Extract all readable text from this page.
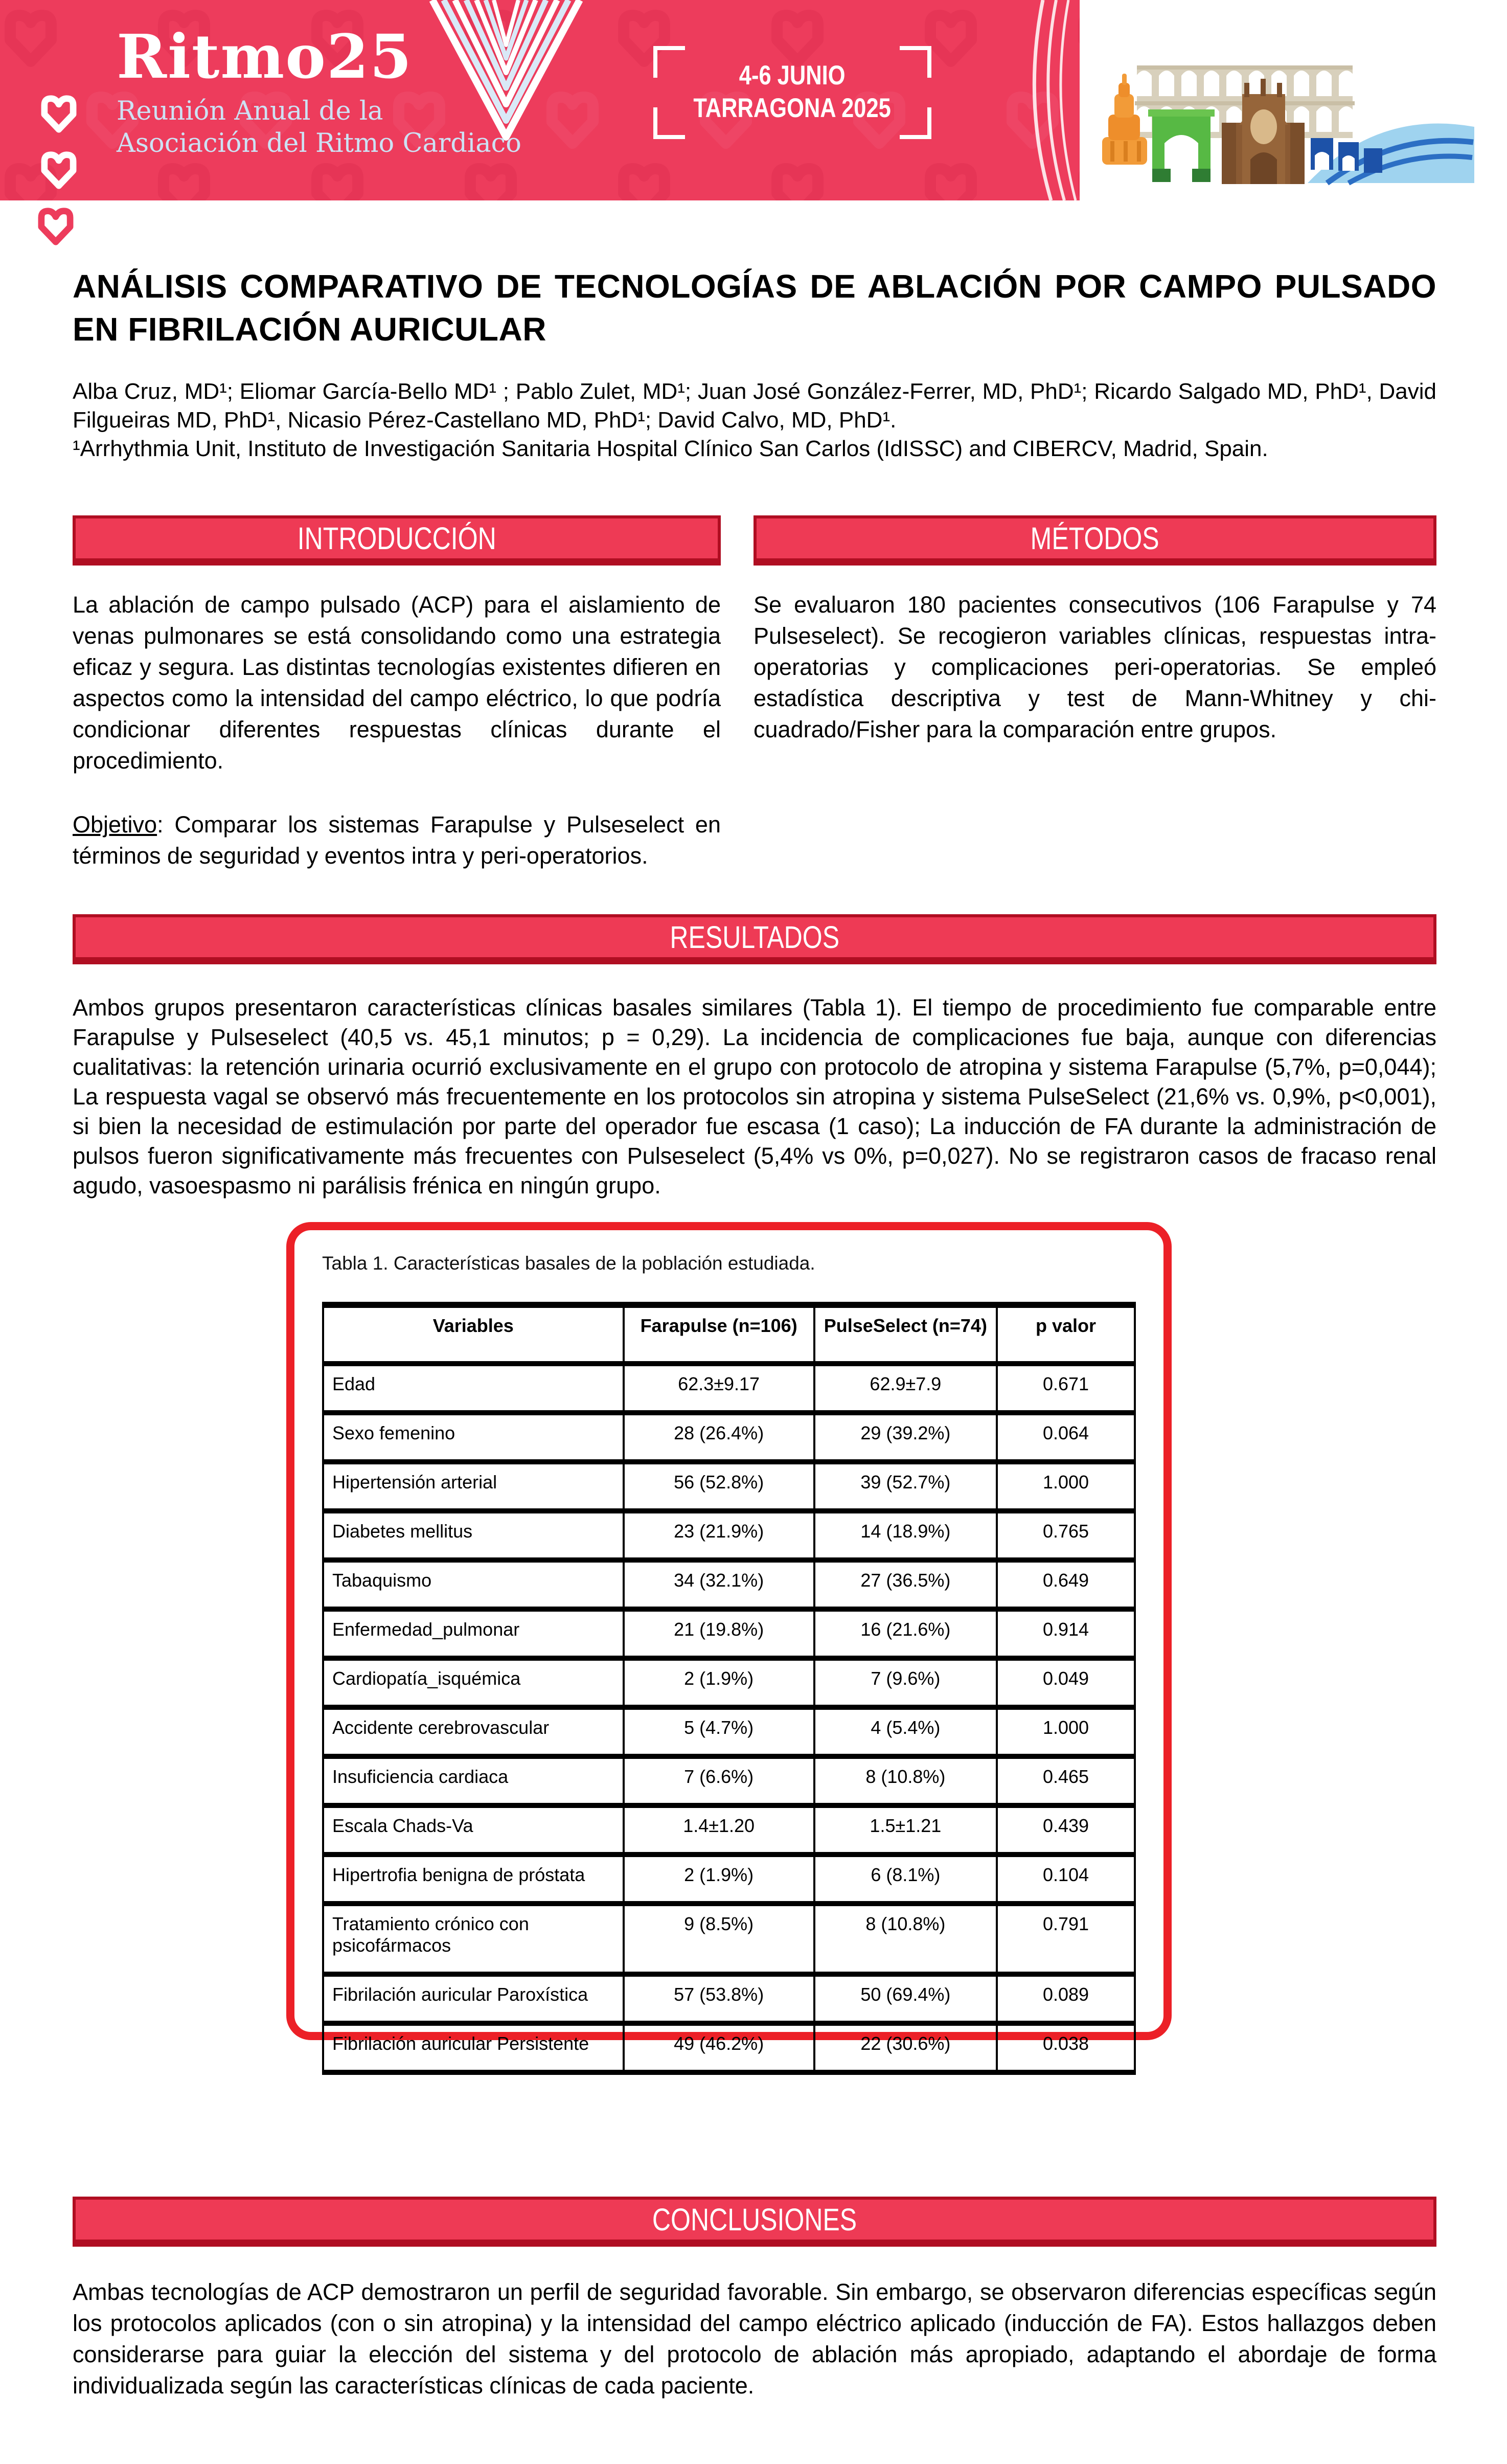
Ritmo25
Reunión Anual de la
Asociación del Ritmo Cardiaco
4-6 JUNIO
TARRAGONA 2025
ANÁLISIS COMPARATIVO DE TECNOLOGÍAS DE ABLACIÓN POR CAMPO PULSADO EN FIBRILACIÓN AURICULAR

Alba Cruz, MD¹; Eliomar García-Bello MD¹ ; Pablo Zulet, MD¹; Juan José González-Ferrer, MD, PhD¹; Ricardo Salgado MD, PhD¹, David Filgueiras MD, PhD¹, Nicasio Pérez-Castellano MD, PhD¹; David Calvo, MD, PhD¹.

¹Arrhythmia Unit, Instituto de Investigación Sanitaria Hospital Clínico San Carlos (IdISSC) and CIBERCV, Madrid, Spain.

INTRODUCCIÓN

La ablación de campo pulsado (ACP) para el aislamiento de venas pulmonares se está consolidando como una estrategia eficaz y segura. Las distintas tecnologías existentes difieren en aspectos como la intensidad del campo eléctrico, lo que podría condicionar diferentes respuestas clínicas durante el procedimiento.

Objetivo: Comparar los sistemas Farapulse y Pulseselect en términos de seguridad y eventos intra y peri-operatorios.

MÉTODOS

Se evaluaron 180 pacientes consecutivos (106 Farapulse y 74 Pulseselect). Se recogieron variables clínicas, respuestas intra-operatorias y complicaciones peri-operatorias. Se empleó estadística descriptiva y test de Mann-Whitney y chi-cuadrado/Fisher para la comparación entre grupos.

RESULTADOS
Ambos grupos presentaron características clínicas basales similares (Tabla 1). El tiempo de procedimiento fue comparable entre Farapulse y Pulseselect (40,5 vs. 45,1 minutos; p = 0,29). La incidencia de complicaciones fue baja, aunque con diferencias cualitativas: la retención urinaria ocurrió exclusivamente en el grupo con protocolo de atropina y sistema Farapulse (5,7%, p=0,044); La respuesta vagal se observó más frecuentemente en los protocolos sin atropina y sistema PulseSelect (21,6% vs. 0,9%, p<0,001), si bien la necesidad de estimulación por parte del operador fue escasa (1 caso); La inducción de FA durante la administración de pulsos fueron significativamente más frecuentes con Pulseselect (5,4% vs 0%, p=0,027). No se registraron casos de fracaso renal agudo, vasoespasmo ni parálisis frénica en ningún grupo.
Tabla 1. Características basales de la población estudiada.
Variables	Farapulse (n=106)	PulseSelect (n=74)	p valor
Edad	62.3±9.17	62.9±7.9	0.671
Sexo femenino	28 (26.4%)	29 (39.2%)	0.064
Hipertensión arterial	56 (52.8%)	39 (52.7%)	1.000
Diabetes mellitus	23 (21.9%)	14 (18.9%)	0.765
Tabaquismo	34 (32.1%)	27 (36.5%)	0.649
Enfermedad_pulmonar	21 (19.8%)	16 (21.6%)	0.914
Cardiopatía_isquémica	2 (1.9%)	7 (9.6%)	0.049
Accidente cerebrovascular	5 (4.7%)	4 (5.4%)	1.000
Insuficiencia cardiaca	7 (6.6%)	8 (10.8%)	0.465
Escala Chads-Va	1.4±1.20	1.5±1.21	0.439
Hipertrofia benigna de próstata	2 (1.9%)	6 (8.1%)	0.104
Tratamiento crónico con psicofármacos	9 (8.5%)	8 (10.8%)	0.791
Fibrilación auricular Paroxística	57 (53.8%)	50 (69.4%)	0.089
Fibrilación auricular Persistente	49 (46.2%)	22 (30.6%)	0.038
CONCLUSIONES
Ambas tecnologías de ACP demostraron un perfil de seguridad favorable. Sin embargo, se observaron diferencias específicas según los protocolos aplicados (con o sin atropina) y la intensidad del campo eléctrico aplicado (inducción de FA). Estos hallazgos deben considerarse para guiar la elección del sistema y del protocolo de ablación más apropiado, adaptando el abordaje de forma individualizada según las características clínicas de cada paciente.
